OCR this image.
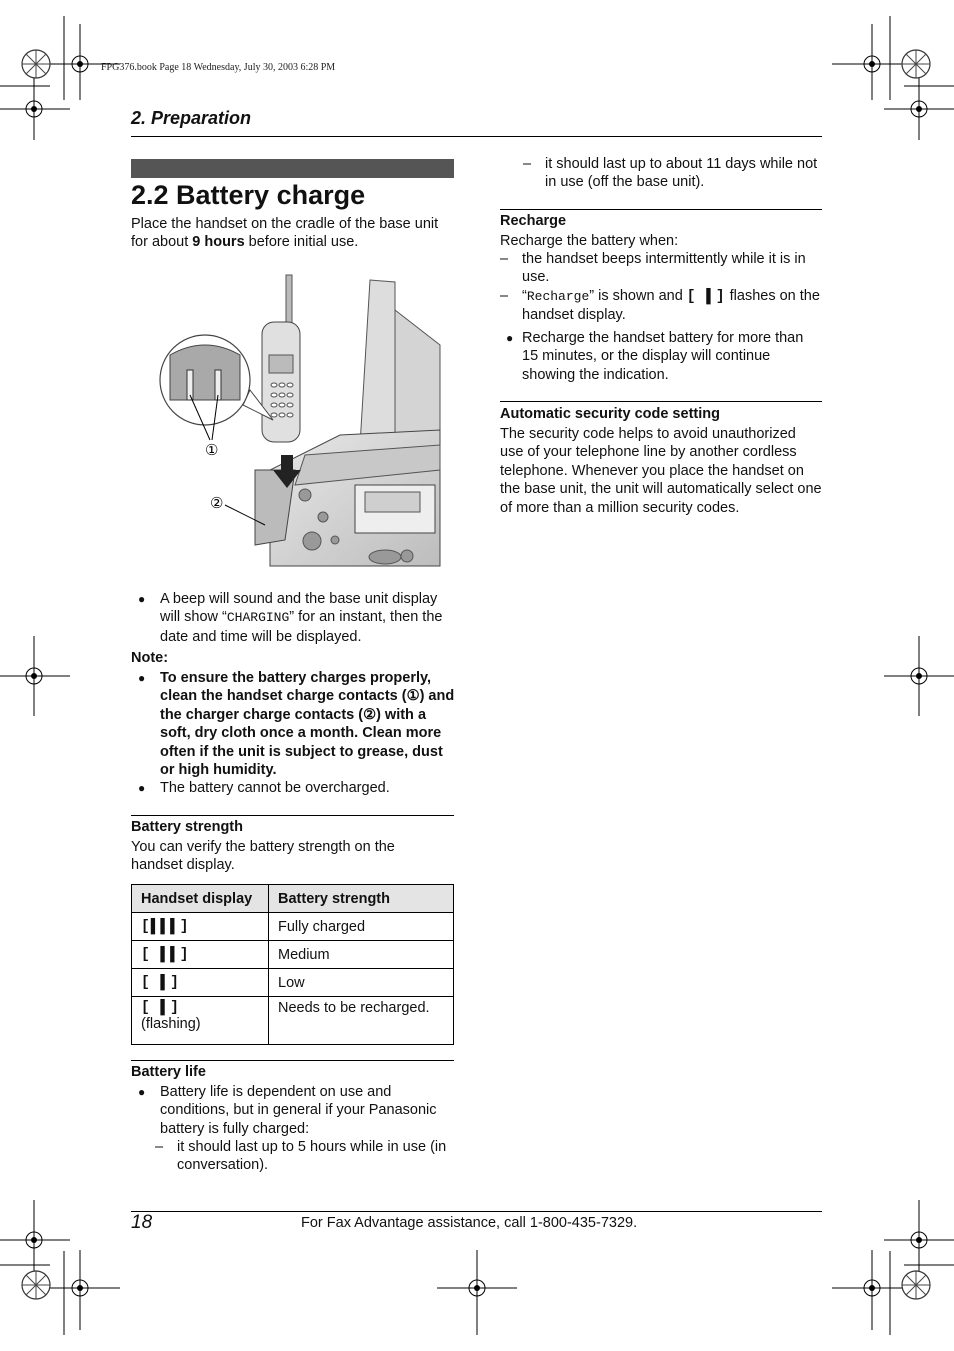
FPG376.book Page 18 Wednesday, July 30, 2003 6:28 PM
2. Preparation
2.2 Battery charge
Place the handset on the cradle of the base unit for about 9 hours before initial use.
①
②
● A beep will sound and the base unit display will show “CHARGING” for an instant, then the date and time will be displayed.
Note:
● To ensure the battery charges properly, clean the handset charge contacts (①) and the charger charge contacts (②) with a soft, dry cloth once a month. Clean more often if the unit is subject to grease, dust or high humidity.
● The battery cannot be overcharged.
Battery strength
You can verify the battery strength on the handset display.
Handset display	Battery strength
[▌▌▌]	Fully charged
[ ▌▌]	Medium
[ ▌]	Low

[ ▌]
(flashing)	Needs to be recharged.
Battery life
● Battery life is dependent on use and conditions, but in general if your Panasonic battery is fully charged:
– it should last up to 5 hours while in use (in conversation).
– it should last up to about 11 days while not in use (off the base unit).
Recharge
Recharge the battery when:
– the handset beeps intermittently while it is in use.
– “Recharge” is shown and [ ▌] flashes on the handset display.
● Recharge the handset battery for more than 15 minutes, or the display will continue showing the indication.
Automatic security code setting
The security code helps to avoid unauthorized use of your telephone line by another cordless telephone. Whenever you place the handset on the base unit, the unit will automatically select one of more than a million security codes.
18	For Fax Advantage assistance, call 1-800-435-7329.
